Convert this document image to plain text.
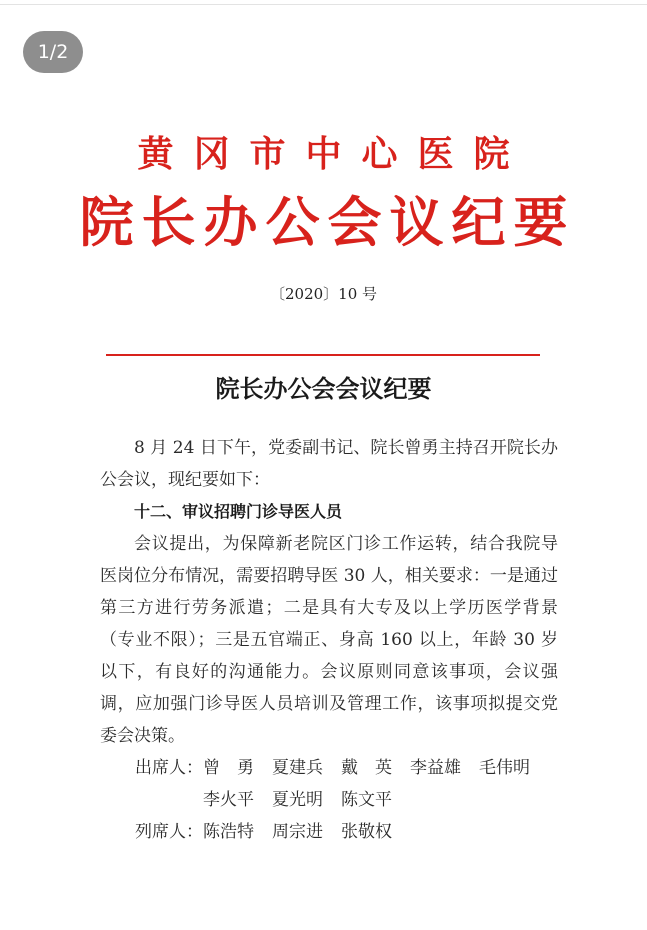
1/2
黄冈市中心医院
院长办公会议纪要
〔2020〕10 号
院长办公会会议纪要

8 月 24 日下午，党委副书记、院长曾勇主持召开院长办公会议，现纪要如下：

十二、审议招聘门诊导医人员

会议提出，为保障新老院区门诊工作运转，结合我院导医岗位分布情况，需要招聘导医 30 人，相关要求：一是通过第三方进行劳务派遣；二是具有大专及以上学历医学背景（专业不限）；三是五官端正、身高 160 以上，年龄 30 岁以下，有良好的沟通能力。会议原则同意该事项，会议强调，应加强门诊导医人员培训及管理工作，该事项拟提交党委会决策。

出席人： 曾　勇 夏建兵 戴　英 李益雄 毛伟明
李火平 夏光明 陈文平
列席人： 陈浩特 周宗进 张敬权
